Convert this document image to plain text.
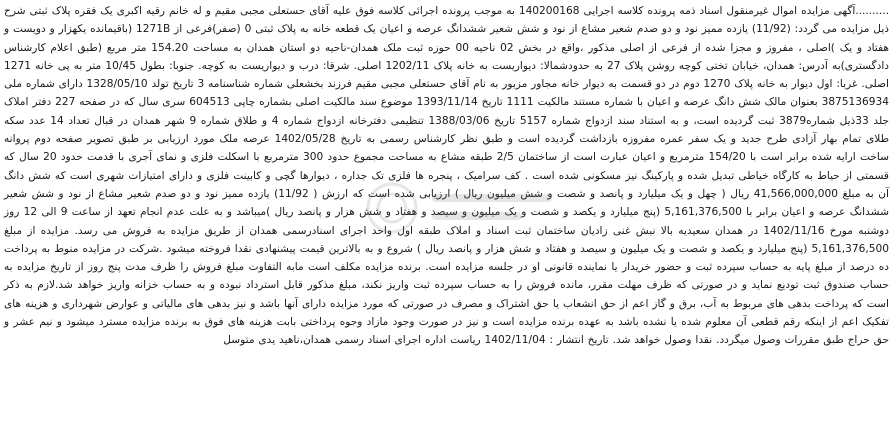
..........آگهی مزایده اموال غیرمنقول اسناد ذمه پرونده کلاسه اجرایی 140200168 به موجب پرونده اجرائی کلاسه فوق علیه آقای حستعلی مجبی مقیم و له خانم رقیه اکبری یک فقره پلاک ثبتی شرح ذیل مزایده می گردد: (11/92) یازده ممیز نود و دو صدم شعیر مشاع از نود و شش شعیر ششدانگ عرصه و اعیان یک قطعه خانه به پلاک ثبتی 0 (صفر)فرعی از 1271B (باقیمانده یکهزار و دویست و هفتاد و یک )اصلی ، مفروز و مجزا شده از فرعی از اصلی مذکور ،واقع در بخش 02 ناحیه 00 حوزه ثبت ملک همدان-ناحیه دو استان همدان به مساحت 154.20 متر مربع (طبق اعلام کارشناس دادگستری)به آدرس: همدان، خیابان تختی کوچه روشن پلاک 27 به حدودشمالا: دیواریست به خانه پلاک 1202/11 اصلی. شرقا: درب و دیواریست به کوچه. جنوبا: بطول 10/45 متر به پی خانه 1271 اصلی. غربا: اول دیوار به خانه پلاک 1270 دوم در دو قسمت به دیوار خانه مجاور مزبور به نام آقای حستعلی مجبی مقیم فرزند بخشعلی شماره شناسنامه 3 تاریخ تولد 1328/05/10 دارای شماره ملی 3875136934 بعنوان مالک شش دانگ عرصه و اعیان با شماره مستند مالکیت 1111 تاریخ 1393/11/14 موضوع سند مالکیت اصلی بشماره چاپی 604513 سری سال که در صفحه 227 دفتر املاک جلد 33ذیل شماره3879 ثبت گردیده است، و به استناد سند ازدواج شماره 5157 تاریخ 1388/03/06 تنظیمی دفترخانه ازدواج شماره 4 و طلاق شماره 9 شهر همدان در قبال تعداد 14 عدد سکه طلای تمام بهار آزادی طرح جدید و یک سفر عمره مفروزه بازداشت گردیده است و طبق نظر کارشناس رسمی به تاریخ 1402/05/28 عرصه ملک مورد ارزیابی بر طبق تصویر صفحه دوم پروانه ساخت ارایه شده برابر است با 154/20 مترمربع و اعیان عبارت است از ساختمان 2/5 طبقه مشاع به مساحت مجموع حدود 300 مترمربع با اسکلت فلزی و نمای آجری با قدمت حدود 20 سال که قسمتی از حیاط به کارگاه خیاطی تبدیل شده و پارکینگ نیز مسکونی شده است . کف سرامیک ، پنجره ها فلزی تک جداره ، دیوارها گچی و کابینت فلزی و دارای امتیازات شهری است که شش دانگ آن به مبلغ 41,566,000,000 ریال ( چهل و یک میلیارد و پانصد و شصت و شش میلیون ریال ) ارزیابی شده است که ارزش ( 11/92) یازده ممیز نود و دو صدم شعیر مشاع از نود و شش شعیر ششدانگ عرصه و اعیان برابر با 5,161,376,500 (پنج میلیارد و یکصد و شصت و یک میلیون و سیصد و هفتاد و شش هزار و پانصد ریال )میباشد و به علت عدم انجام تعهد از ساعت 9 الی 12 روز دوشنبه مورخ 1402/11/16 در همدان سعیدیه بالا نبش غنی زادیان ساختمان ثبت اسناد و املاک طبقه اول واحد اجرای اسنادرسمی همدان از طریق مزایده به فروش می رسد. مزایده از مبلغ 5,161,376,500 (پنج میلیارد و یکصد و شصت و یک میلیون و سیصد و هفتاد و شش هزار و پانصد ریال ) شروع و به بالاترین قیمت پیشنهادی نقدا فروخته میشود .شرکت در مزایده منوط به پرداخت ده درصد از مبلغ پایه به حساب سپرده ثبت و حضور خریدار یا نماینده قانونی او در جلسه مزایده است. برنده مزایده مکلف است مابه التفاوت مبلغ فروش را ظرف مدت پنج روز از تاریخ مزایده به حساب صندوق ثبت تودیع نماید و در صورتی که ظرف مهلت مقرر، مانده فروش را به حساب سپرده ثبت واریز نکند، مبلغ مذکور قابل استرداد نبوده و به حساب خزانه واریز خواهد شد.لازم به ذکر است که پرداخت بدهی های مربوط به آب، برق و گاز اعم از حق انشعاب یا حق اشتراک و مصرف در صورتی که مورد مزایده دارای آنها باشد و نیز بدهی های مالیاتی و عوارض شهرداری و هزینه های تفکیک اعم از اینکه رقم قطعی آن معلوم شده یا نشده باشد به عهده برنده مزایده است و نیز در صورت وجود مازاد وجوه پرداختی بابت هزینه های فوق به برنده مزایده مسترد میشود و نیم عشر و حق حراج طبق مقررات وصول میگردد. نقدا وصول خواهد شد. تاریخ انتشار : 1402/11/04 ریاست اداره اجرای اسناد رسمی همدان،ناهید یدی متوسل
